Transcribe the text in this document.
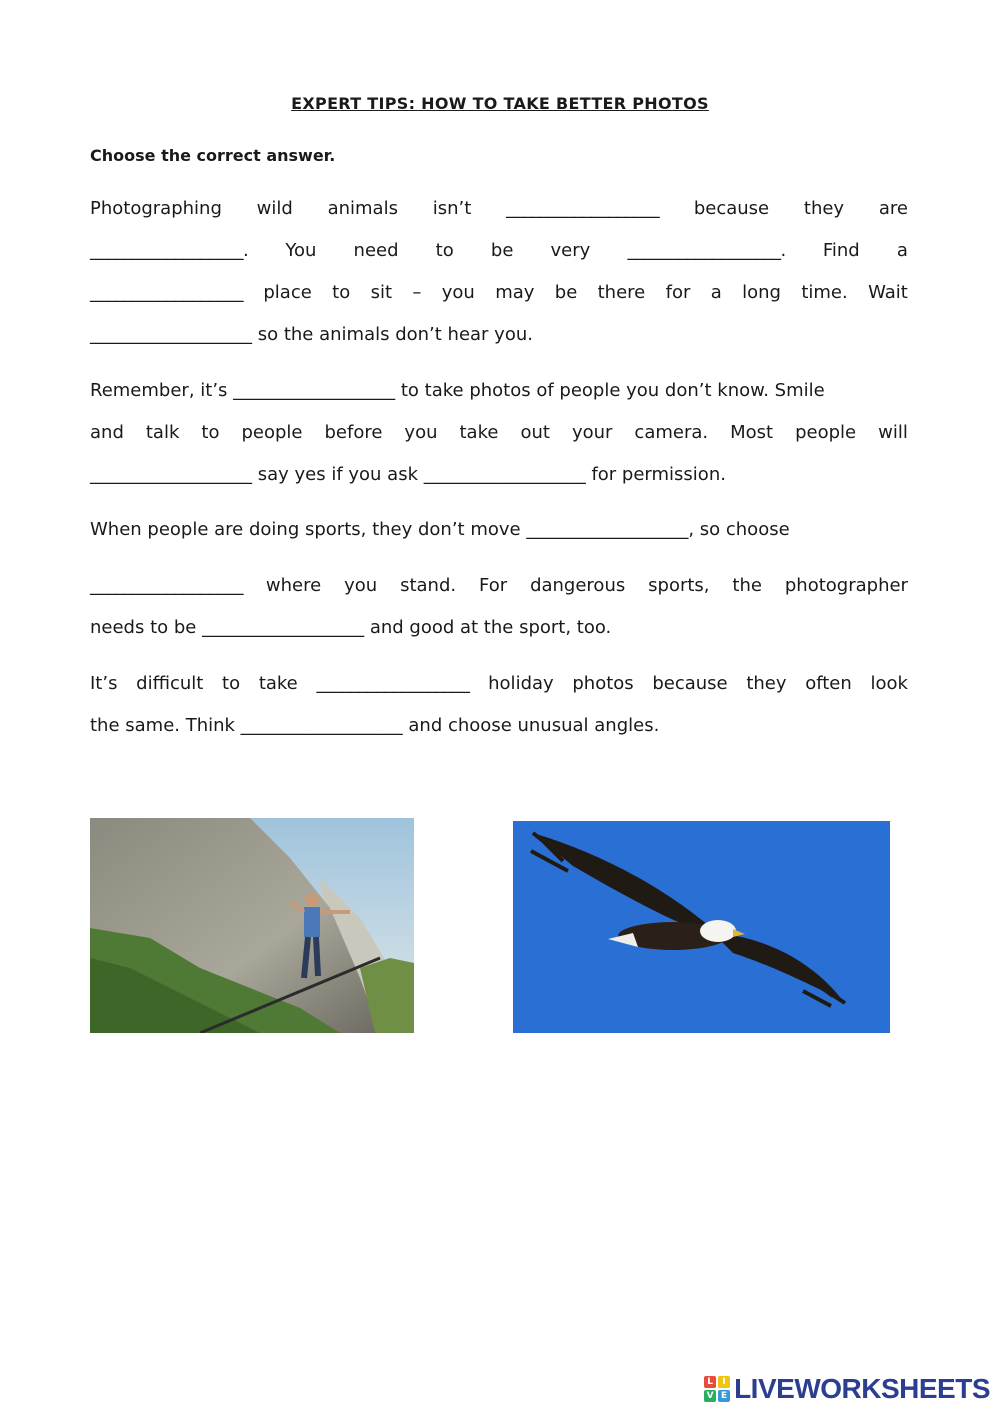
EXPERT TIPS: HOW TO TAKE BETTER PHOTOS
Choose the correct answer.
Photographing wild animals isn’t __________________ because they are
__________________. You need to be very __________________. Find a
__________________ place to sit – you may be there for a long time. Wait
__________________ so the animals don’t hear you.
Remember, it’s __________________ to take photos of people you don’t know. Smile
and talk to people before you take out your camera. Most people will
__________________ say yes if you ask __________________ for permission.
When people are doing sports, they don’t move __________________, so choose
__________________ where you stand. For dangerous sports, the photographer
needs to be __________________ and good at the sport, too.
It’s difficult to take __________________ holiday photos because they often look
the same. Think __________________ and choose unusual angles.
L	I
V E LIVEWORKSHEETS
